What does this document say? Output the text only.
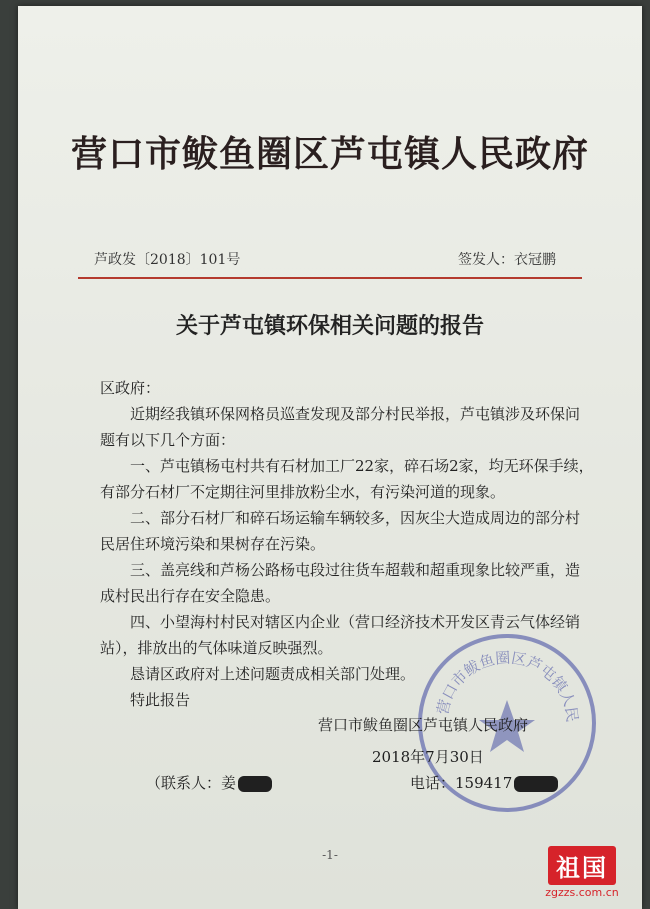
营口市鲅鱼圈区芦屯镇人民政府
芦政发〔2018〕101号	签发人：衣冠鹏
关于芦屯镇环保相关问题的报告

区政府：

近期经我镇环保网格员巡查发现及部分村民举报，芦屯镇涉及环保问题有以下几个方面：

一、芦屯镇杨屯村共有石材加工厂22家，碎石场2家，均无环保手续，有部分石材厂不定期往河里排放粉尘水，有污染河道的现象。

二、部分石材厂和碎石场运输车辆较多，因灰尘大造成周边的部分村民居住环境污染和果树存在污染。

三、盖亮线和芦杨公路杨屯段过往货车超载和超重现象比较严重，造成村民出行存在安全隐患。

四、小望海村村民对辖区内企业（营口经济技术开发区青云气体经销站），排放出的气体味道反映强烈。

恳请区政府对上述问题责成相关部门处理。

特此报告	营口市鲅鱼圈区芦屯镇人民
营口市鲅鱼圈区芦屯镇人民政府
2018年7月30日
（联系人：姜	电话：159417
-1-	祖国
zgzzs.com.cn
